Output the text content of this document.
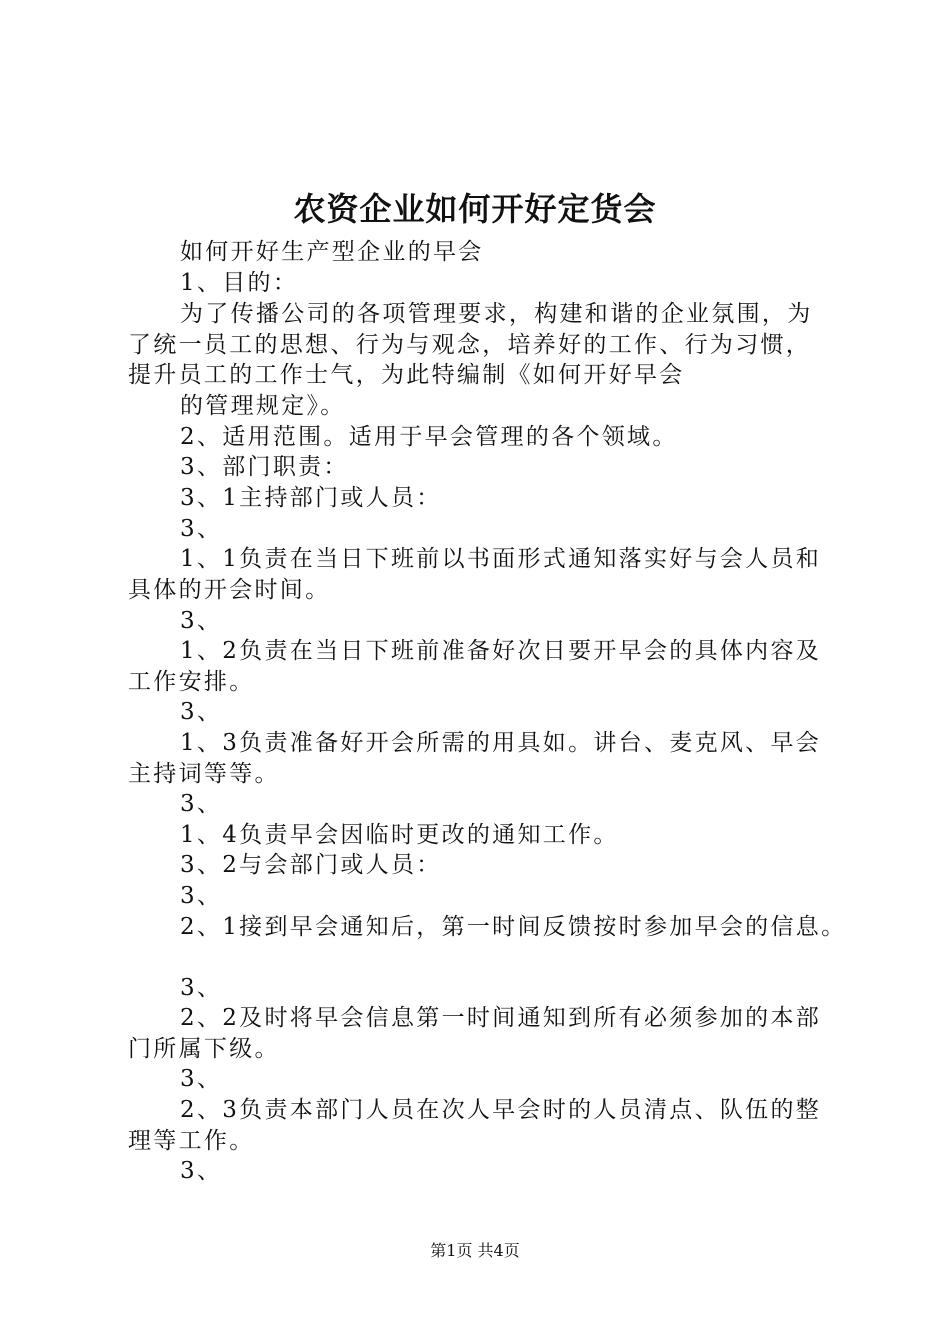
农资企业如何开好定货会
如何开好生产型企业的早会
1、目的：
为了传播公司的各项管理要求，构建和谐的企业氛围，为
了统一员工的思想、行为与观念，培养好的工作、行为习惯，
提升员工的工作士气，为此特编制《如何开好早会
的管理规定》。
2、适用范围。适用于早会管理的各个领域。
3、部门职责：
3、1主持部门或人员：
3、
1、1负责在当日下班前以书面形式通知落实好与会人员和
具体的开会时间。
3、
1、2负责在当日下班前准备好次日要开早会的具体内容及
工作安排。
3、
1、3负责准备好开会所需的用具如。讲台、麦克风、早会
主持词等等。
3、
1、4负责早会因临时更改的通知工作。
3、2与会部门或人员：
3、
2、1接到早会通知后，第一时间反馈按时参加早会的信息。
3、
2、2及时将早会信息第一时间通知到所有必须参加的本部
门所属下级。
3、
2、3负责本部门人员在次人早会时的人员清点、队伍的整
理等工作。
3、
第1页 共4页
